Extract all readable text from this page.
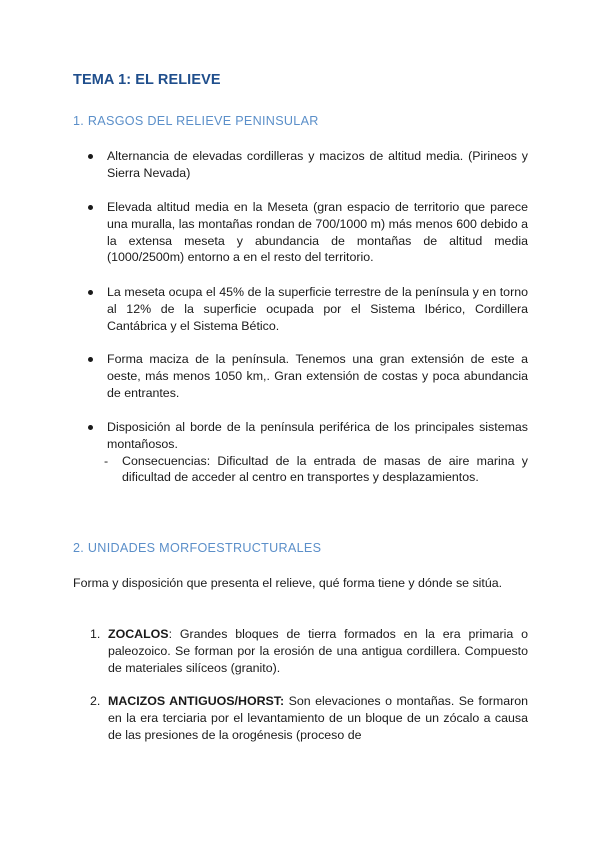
TEMA 1: EL RELIEVE
1. RASGOS DEL RELIEVE PENINSULAR
Alternancia de elevadas cordilleras y macizos de altitud media. (Pirineos y Sierra Nevada)
Elevada altitud media en la Meseta (gran espacio de territorio que parece una muralla, las montañas rondan de 700/1000 m) más menos 600 debido a la extensa meseta y abundancia de montañas de altitud media (1000/2500m) entorno a en el resto del territorio.
La meseta ocupa el 45% de la superficie terrestre de la península y en torno al 12% de la superficie ocupada por el Sistema Ibérico, Cordillera Cantábrica y el Sistema Bético.
Forma maciza de la península. Tenemos una gran extensión de este a oeste, más menos 1050 km,. Gran extensión de costas y poca abundancia de entrantes.
Disposición al borde de la península periférica de los principales sistemas montañosos.
- Consecuencias: Dificultad de la entrada de masas de aire marina y dificultad de acceder al centro en transportes y desplazamientos.
2. UNIDADES MORFOESTRUCTURALES
Forma y disposición que presenta el relieve, qué forma tiene y dónde se sitúa.
1. ZOCALOS: Grandes bloques de tierra formados en la era primaria o paleozoico. Se forman por la erosión de una antigua cordillera. Compuesto de materiales silíceos (granito).
2. MACIZOS ANTIGUOS/HORST: Son elevaciones o montañas. Se formaron en la era terciaria por el levantamiento de un bloque de un zócalo a causa de las presiones de la orogénesis (proceso de
